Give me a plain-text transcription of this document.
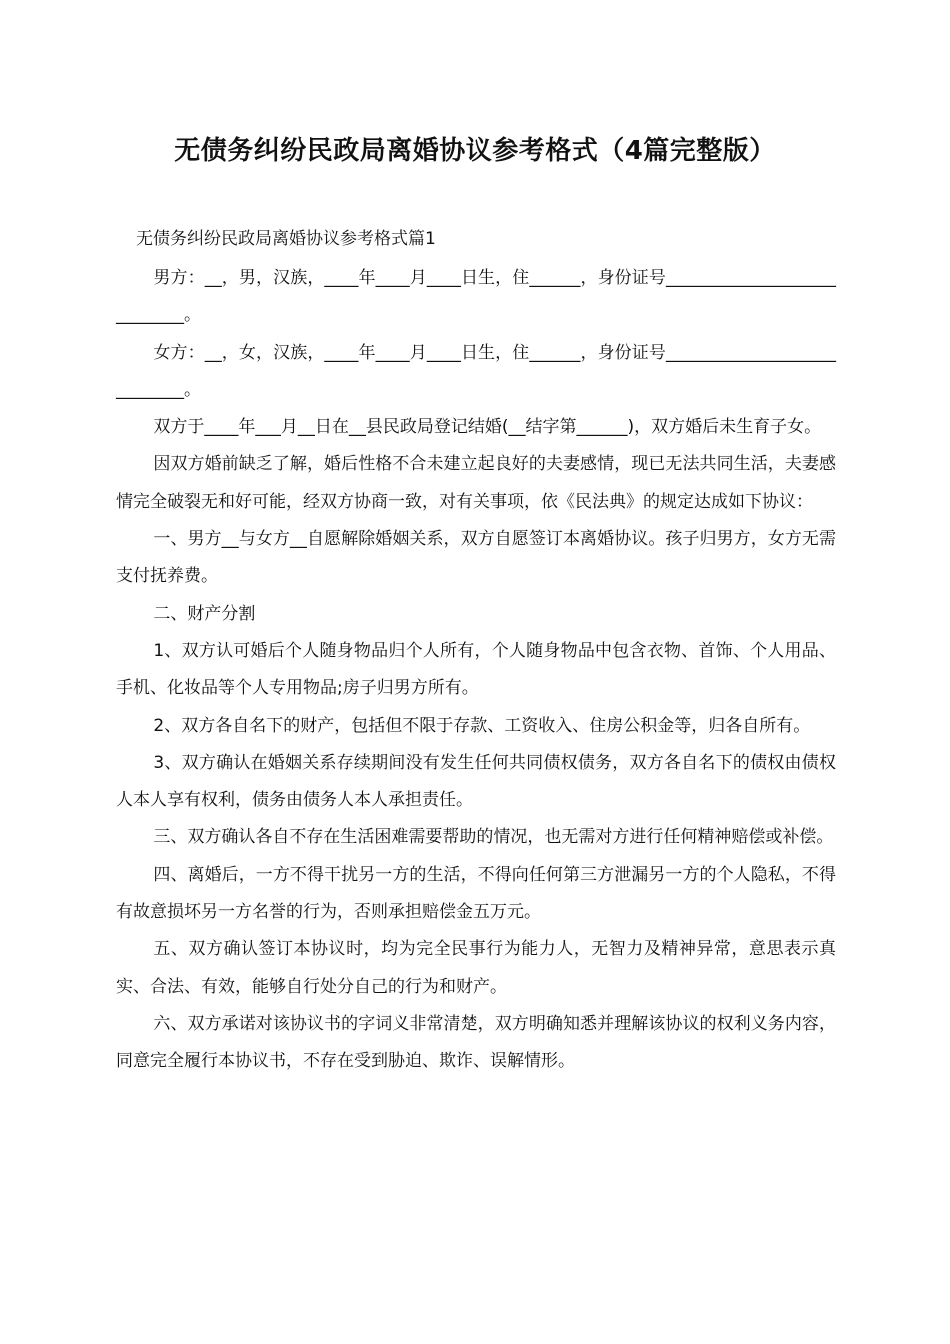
无债务纠纷民政局离婚协议参考格式（4篇完整版）
无债务纠纷民政局离婚协议参考格式篇1

男方：__，男，汉族，____年____月____日生，住______，身份证号____________________________。

女方：__，女，汉族，____年____月____日生，住______，身份证号____________________________。

双方于____年___月__日在__县民政局登记结婚(__结字第______)，双方婚后未生育子女。

因双方婚前缺乏了解，婚后性格不合未建立起良好的夫妻感情，现已无法共同生活，夫妻感情完全破裂无和好可能，经双方协商一致，对有关事项，依《民法典》的规定达成如下协议：

一、男方__与女方__自愿解除婚姻关系，双方自愿签订本离婚协议。孩子归男方，女方无需支付抚养费。

二、财产分割

1、双方认可婚后个人随身物品归个人所有，个人随身物品中包含衣物、首饰、个人用品、手机、化妆品等个人专用物品;房子归男方所有。

2、双方各自名下的财产，包括但不限于存款、工资收入、住房公积金等，归各自所有。

3、双方确认在婚姻关系存续期间没有发生任何共同债权债务，双方各自名下的债权由债权人本人享有权利，债务由债务人本人承担责任。

三、双方确认各自不存在生活困难需要帮助的情况，也无需对方进行任何精神赔偿或补偿。

四、离婚后，一方不得干扰另一方的生活，不得向任何第三方泄漏另一方的个人隐私，不得有故意损坏另一方名誉的行为，否则承担赔偿金五万元。

五、双方确认签订本协议时，均为完全民事行为能力人，无智力及精神异常，意思表示真实、合法、有效，能够自行处分自己的行为和财产。

六、双方承诺对该协议书的字词义非常清楚，双方明确知悉并理解该协议的权利义务内容，同意完全履行本协议书，不存在受到胁迫、欺诈、误解情形。
